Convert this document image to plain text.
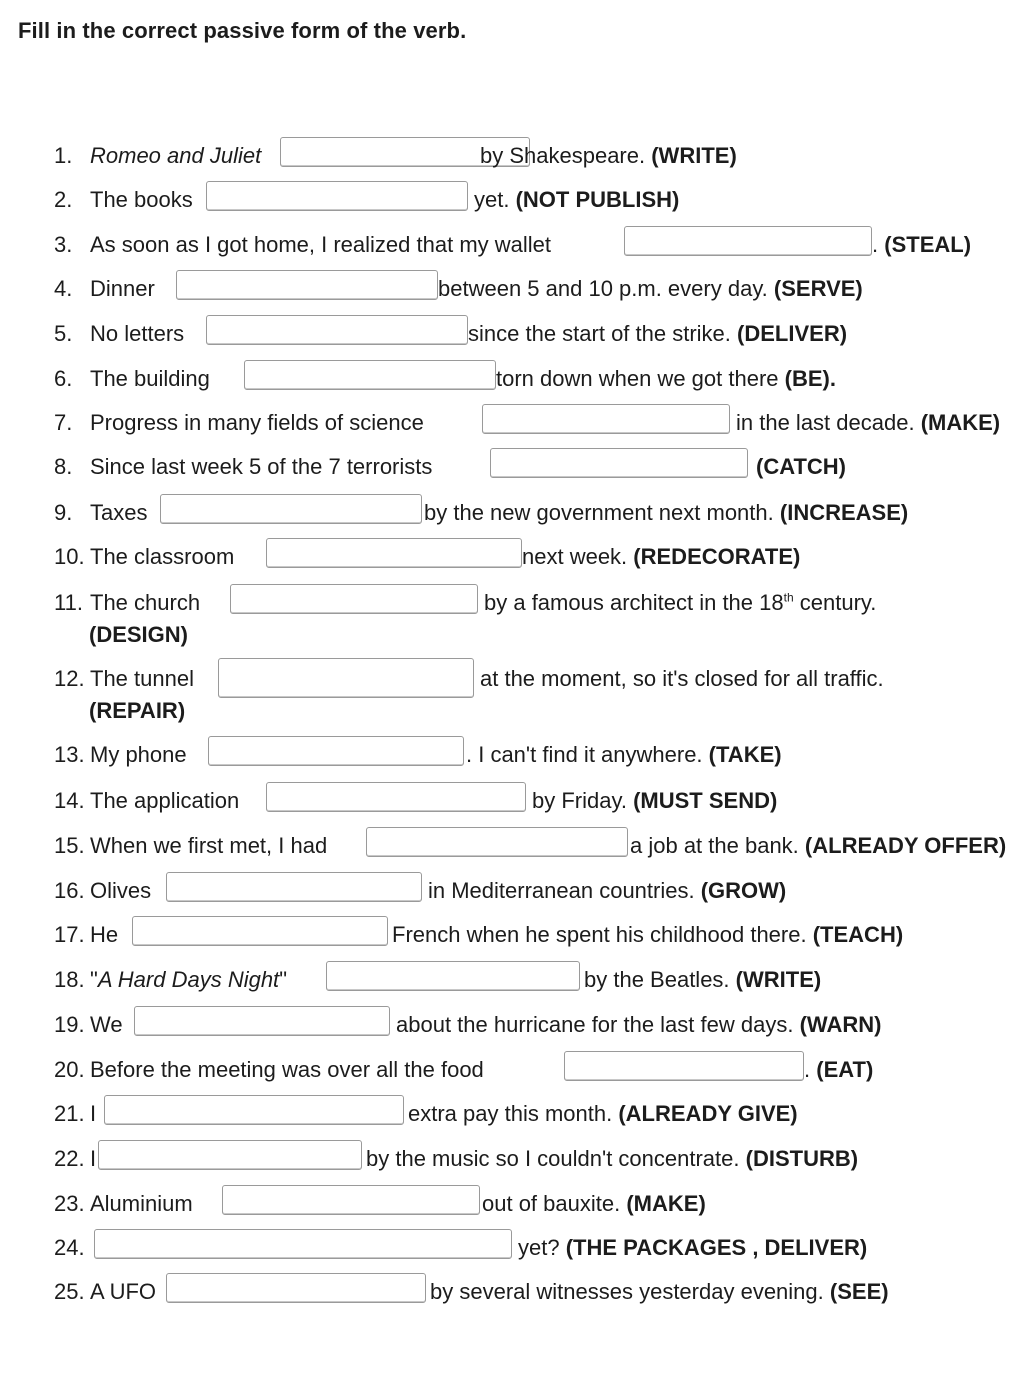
Fill in the correct passive form of the verb.
1. Romeo and Juliet	by Shakespeare. (WRITE)
2. The books	yet. (NOT PUBLISH)
3. As soon as I got home, I realized that my wallet	. (STEAL)
4. Dinner	between 5 and 10 p.m. every day. (SERVE)
5. No letters	since the start of the strike. (DELIVER)
6. The building	torn down when we got there (BE).
7. Progress in many fields of science	in the last decade. (MAKE)
8. Since last week 5 of the 7 terrorists	(CATCH)
9. Taxes	by the new government next month. (INCREASE)
10. The classroom	next week. (REDECORATE)
11. The church	by a famous architect in the 18th century.
(DESIGN)
12. The tunnel	at the moment, so it's closed for all traffic.
(REPAIR)
13. My phone	. I can't find it anywhere. (TAKE)
14. The application	by Friday. (MUST SEND)
15. When we first met, I had	a job at the bank. (ALREADY OFFER)
16. Olives	in Mediterranean countries. (GROW)
17. He	French when he spent his childhood there. (TEACH)
18. "A Hard Days Night"	by the Beatles. (WRITE)
19. We	about the hurricane for the last few days. (WARN)
20. Before the meeting was over all the food	. (EAT)
21. I	extra pay this month. (ALREADY GIVE)
22. I	by the music so I couldn't concentrate. (DISTURB)
23. Aluminium	out of bauxite. (MAKE)
24.	yet? (THE PACKAGES , DELIVER)
25. A UFO	by several witnesses yesterday evening. (SEE)
